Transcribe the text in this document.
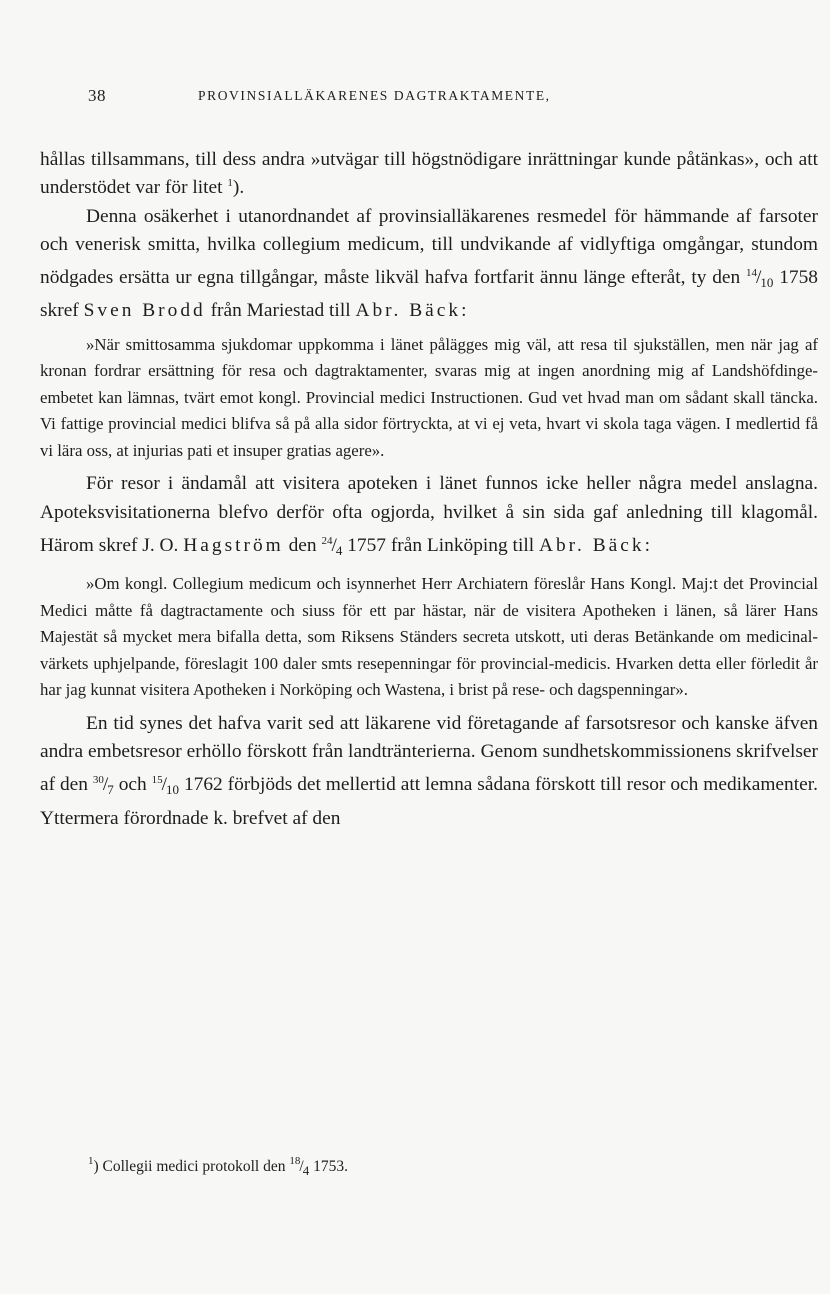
38	PROVINSIALLÄKARENES DAGTRAKTAMENTE,

hållas tillsammans, till dess andra »utvägar till högstnödigare inrättningar kunde påtänkas», och att understödet var för litet $^1$).

Denna osäkerhet i utanordnandet af provinsialläkarenes resmedel för hämmande af farsoter och venerisk smitta, hvilka collegium medicum, till undvikande af vidlyftiga omgångar, stundom nödgades ersätta ur egna tillgångar, måste likväl hafva fortfarit ännu länge efteråt, ty den $^{14}/_{10}$ 1758 skref Sven Brodd från Mariestad till Abr. Bäck:

»När smittosamma sjukdomar uppkomma i länet pålägges mig väl, att resa til sjukställen, men när jag af kronan fordrar ersättning för resa och dagtraktamenter, svaras mig at ingen anordning mig af Landshöfdinge-embetet kan lämnas, tvärt emot kongl. Provincial medici Instructionen. Gud vet hvad man om sådant skall täncka. Vi fattige provincial medici blifva så på alla sidor förtryckta, at vi ej veta, hvart vi skola taga vägen. I medlertid få vi lära oss, at injurias pati et insuper gratias agere».

För resor i ändamål att visitera apoteken i länet funnos icke heller några medel anslagna. Apoteksvisitationerna blefvo derför ofta ogjorda, hvilket å sin sida gaf anledning till klagomål. Härom skref J. O. Hagström den $^{24}/_4$ 1757 från Linköping till Abr. Bäck:

»Om kongl. Collegium medicum och isynnerhet Herr Archiatern föreslår Hans Kongl. Maj:t det Provincial Medici måtte få dagtractamente och siuss för ett par hästar, när de visitera Apotheken i länen, så lärer Hans Majestät så mycket mera bifalla detta, som Riksens Ständers secreta utskott, uti deras Betänkande om medicinal-värkets uphjelpande, föreslagit 100 daler smts resepenningar för provincial-medicis. Hvarken detta eller förledit år har jag kunnat visitera Apotheken i Norköping och Wastena, i brist på rese- och dagspenningar».

En tid synes det hafva varit sed att läkarene vid företagande af farsotsresor och kanske äfven andra embetsresor erhöllo förskott från landtränterierna. Genom sundhetskommissionens skrifvelser af den $^{30}/_7$ och $^{15}/_{10}$ 1762 förbjöds det mellertid att lemna sådana förskott till resor och medikamenter. Yttermera förordnade k. brefvet af den

$^1$) Collegii medici protokoll den $^{18}/_4$ 1753.
